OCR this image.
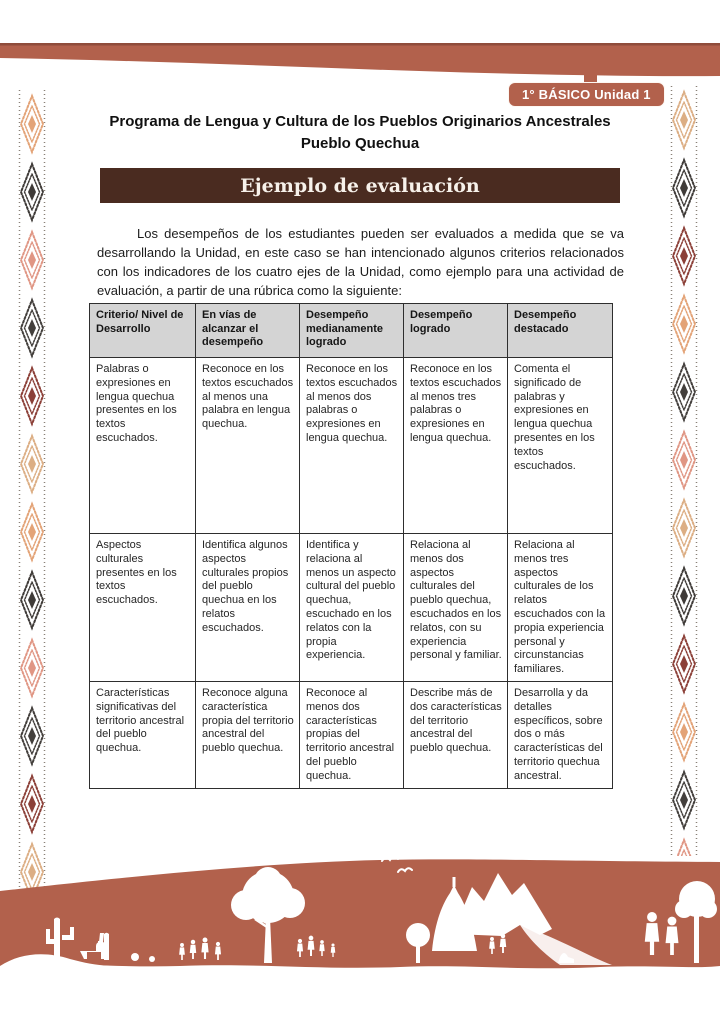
1° BÁSICO Unidad 1
Programa de Lengua y Cultura de los Pueblos Originarios Ancestrales
Pueblo Quechua
Ejemplo de evaluación

Los desempeños de los estudiantes pueden ser evaluados a medida que se va desarrollando la Unidad, en este caso se han intencionado algunos criterios relacionados con los indicadores de los cuatro ejes de la Unidad, como ejemplo para una actividad de evaluación, a partir de una rúbrica como la siguiente:

Criterio/ Nivel de Desarrollo	En vías de alcanzar el desempeño	Desempeño medianamente logrado	Desempeño logrado	Desempeño destacado
Palabras o expresiones en lengua quechua presentes en los textos escuchados.	Reconoce en los textos escuchados al menos una palabra en lengua quechua.	Reconoce en los textos escuchados al menos dos palabras o expresiones en lengua quechua.	Reconoce en los textos escuchados al menos tres palabras o expresiones en lengua quechua.	Comenta el significado de palabras y expresiones en lengua quechua presentes en los textos escuchados.
Aspectos culturales presentes en los textos escuchados.	Identifica algunos aspectos culturales propios del pueblo quechua en los relatos escuchados.	Identifica y relaciona al menos un aspecto cultural del pueblo quechua, escuchado en los relatos con la propia experiencia.	Relaciona al menos dos aspectos culturales del pueblo quechua, escuchados en los relatos, con su experiencia personal y familiar.	Relaciona al menos tres aspectos culturales de los relatos escuchados con la propia experiencia personal y circunstancias familiares.
Características significativas del territorio ancestral del pueblo quechua.	Reconoce alguna característica propia del territorio ancestral del pueblo quechua.	Reconoce al menos dos características propias del territorio ancestral del pueblo quechua.	Describe más de dos características del territorio ancestral del pueblo quechua.	Desarrolla y da detalles específicos, sobre dos o más características del territorio quechua ancestral.
